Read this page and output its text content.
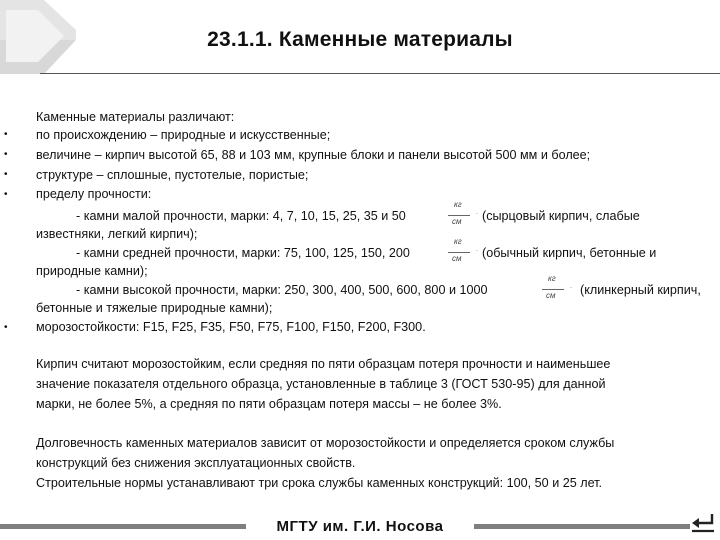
23.1.1. Каменные материалы
Каменные материалы различают:
• по происхождению – природные и искусственные;
• величине – кирпич высотой 65, 88 и 103 мм, крупные блоки и панели высотой 500 мм и более;
• структуре – сплошные, пустотелые, пористые;
• пределу прочности:
- камни малой прочности, марки: 4, 7, 10, 15, 25, 35 и 50
кг
см
˙ (сырцовый кирпич, слабые
известняки, легкий кирпич);
- камни средней прочности, марки: 75, 100, 125, 150, 200
кг
см
˙ (обычный кирпич, бетонные и
природные камни);
- камни высокой прочности, марки: 250, 300, 400, 500, 600, 800 и 1000
кг
см
˙ (клинкерный кирпич,
бетонные и тяжелые природные камни);
• морозостойкости: F15, F25, F35, F50, F75, F100, F150, F200, F300.
Кирпич считают морозостойким, если средняя по пяти образцам потеря прочности и наименьшее
значение показателя отдельного образца, установленные в таблице 3 (ГОСТ 530-95) для данной
марки, не более 5%, а средняя по пяти образцам потеря массы – не более 3%.
Долговечность каменных материалов зависит от морозостойкости и определяется сроком службы
конструкций без снижения эксплуатационных свойств.
Строительные нормы устанавливают три срока службы каменных конструкций: 100, 50 и 25 лет.
МГТУ им. Г.И. Носова
